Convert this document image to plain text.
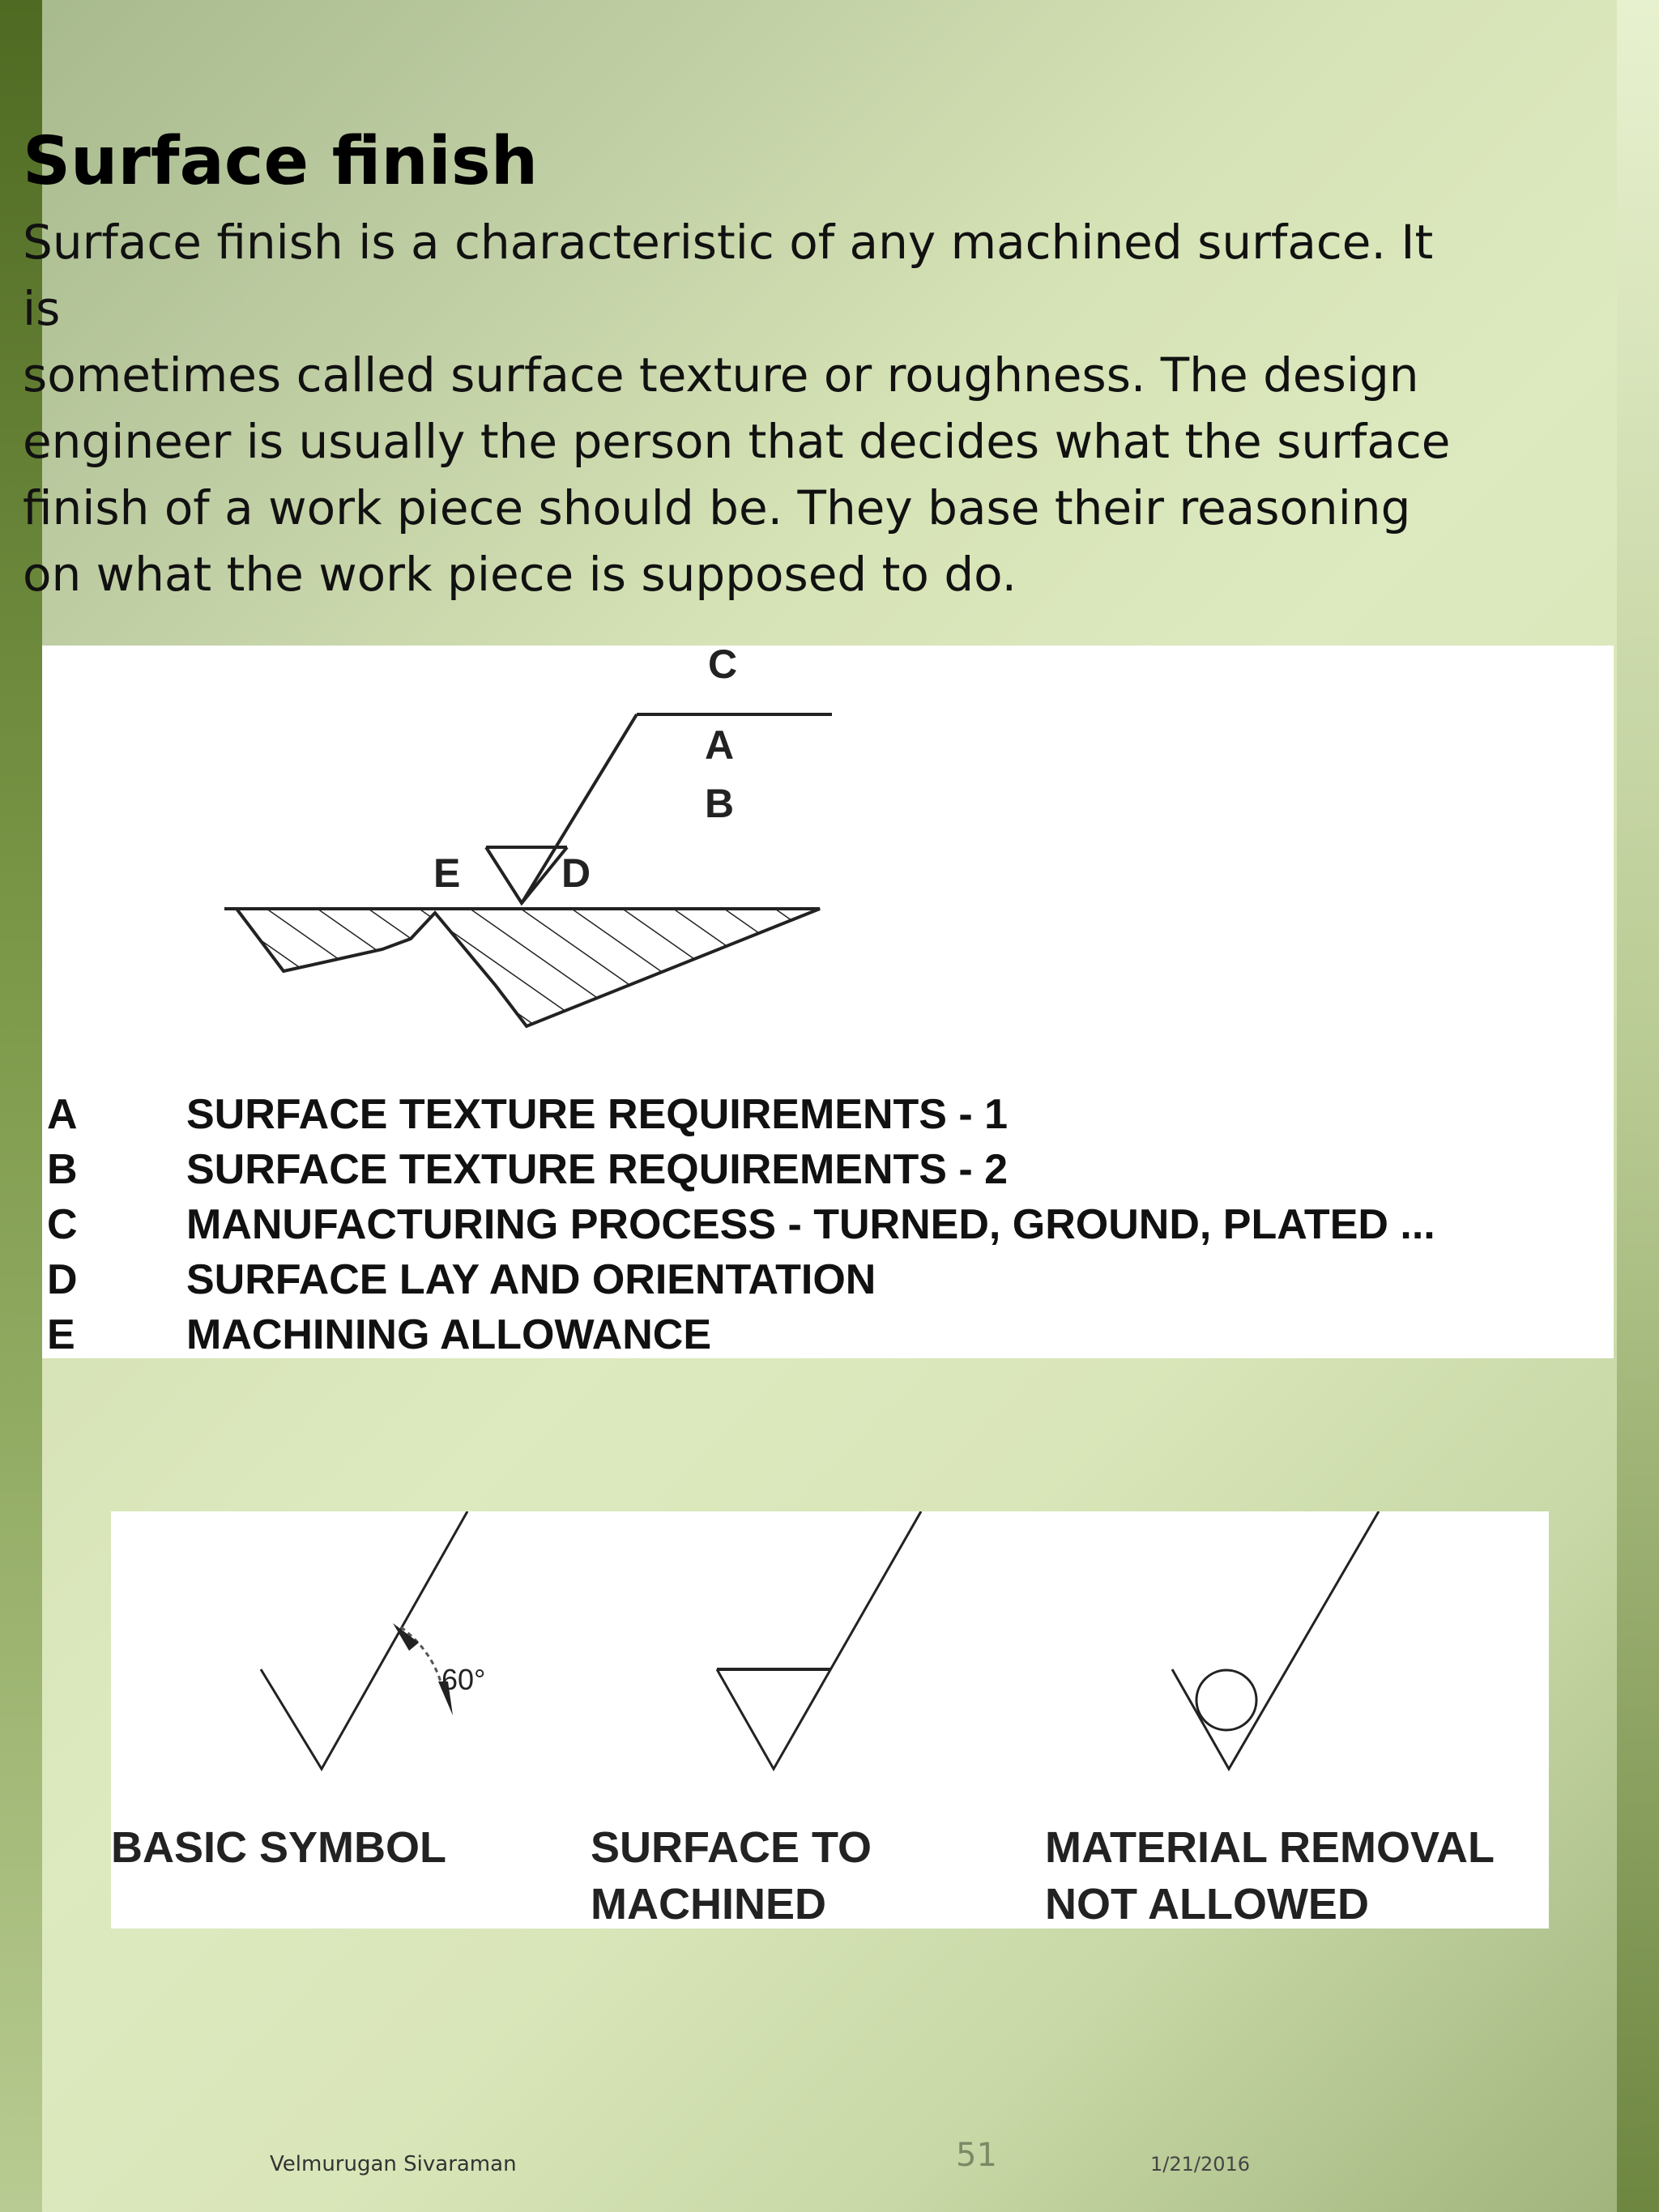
Surface finish

Surface finish is a characteristic of any machined surface. It
is
sometimes called surface texture or roughness. The design
engineer is usually the person that decides what the surface
finish of a work piece should be. They base their reasoning
on what the work piece is supposed to do.

C
A
B
E D
A	SURFACE TEXTURE REQUIREMENTS - 1
B	SURFACE TEXTURE REQUIREMENTS - 2
C	MANUFACTURING PROCESS - TURNED, GROUND, PLATED ...
D	SURFACE LAY AND ORIENTATION
E	MACHINING ALLOWANCE
60°
BASIC SYMBOL	SURFACE TO
MACHINED
MATERIAL REMOVAL
NOT ALLOWED
Velmurugan Sivaraman	51	1/21/2016
